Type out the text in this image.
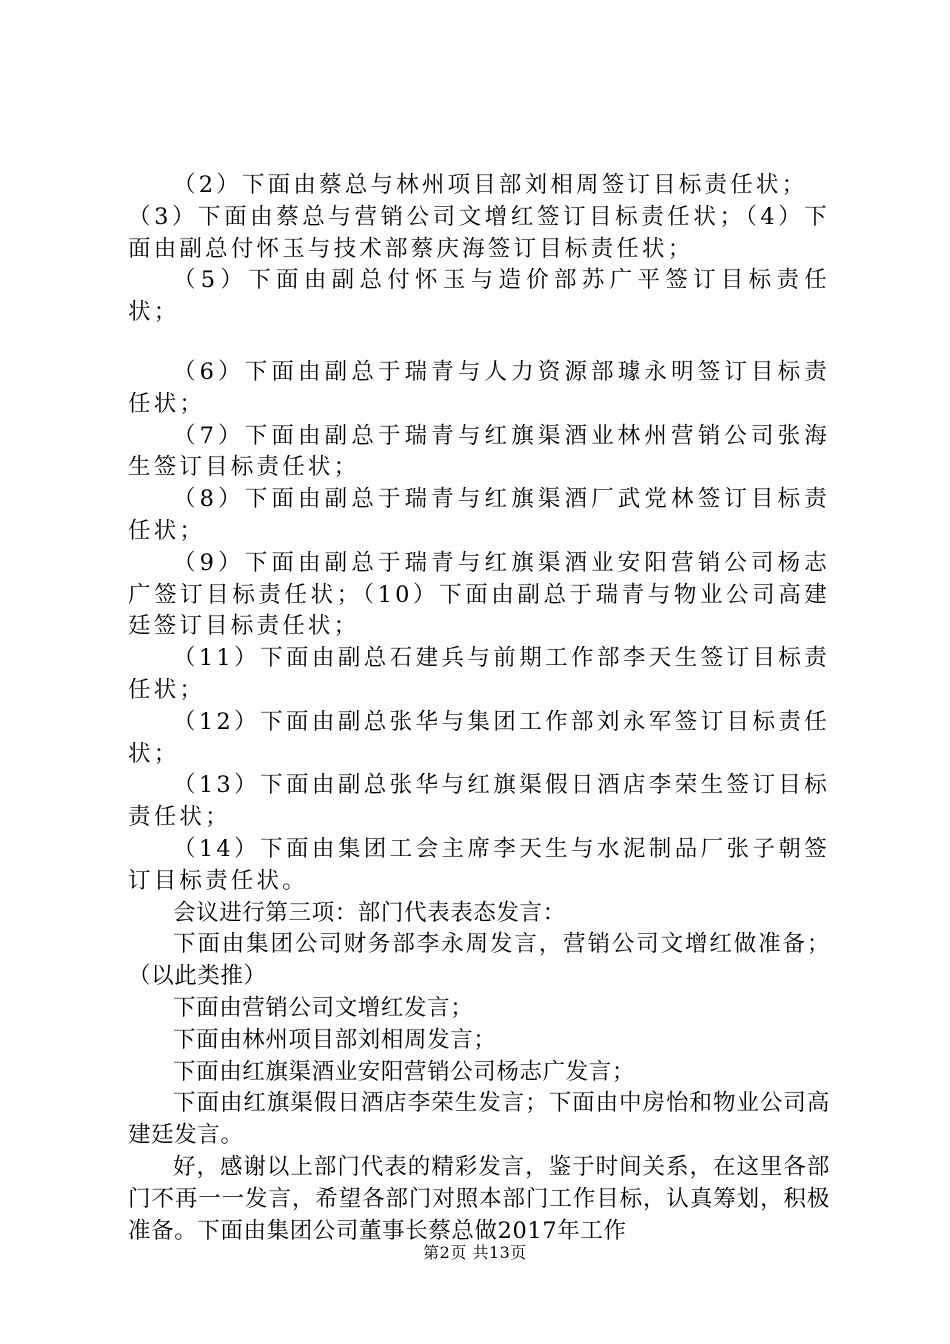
（2）下面由蔡总与林州项目部刘相周签订目标责任状；

（3）下面由蔡总与营销公司文增红签订目标责任状；（4）下面由副总付怀玉与技术部蔡庆海签订目标责任状；

（5）下面由副总付怀玉与造价部苏广平签订目标责任状；

（6）下面由副总于瑞青与人力资源部璩永明签订目标责任状；

（7）下面由副总于瑞青与红旗渠酒业林州营销公司张海生签订目标责任状；

（8）下面由副总于瑞青与红旗渠酒厂武党林签订目标责任状；

（9）下面由副总于瑞青与红旗渠酒业安阳营销公司杨志广签订目标责任状；（10）下面由副总于瑞青与物业公司高建廷签订目标责任状；

（11）下面由副总石建兵与前期工作部李天生签订目标责任状；

（12）下面由副总张华与集团工作部刘永军签订目标责任状；

（13）下面由副总张华与红旗渠假日酒店李荣生签订目标责任状；

（14）下面由集团工会主席李天生与水泥制品厂张子朝签订目标责任状。

会议进行第三项：部门代表表态发言：

下面由集团公司财务部李永周发言，营销公司文增红做准备；（以此类推）

下面由营销公司文增红发言；

下面由林州项目部刘相周发言；

下面由红旗渠酒业安阳营销公司杨志广发言；

下面由红旗渠假日酒店李荣生发言；下面由中房怡和物业公司高建廷发言。

好，感谢以上部门代表的精彩发言，鉴于时间关系，在这里各部门不再一一发言，希望各部门对照本部门工作目标，认真筹划，积极准备。下面由集团公司董事长蔡总做2017年工作

第2页 共13页
